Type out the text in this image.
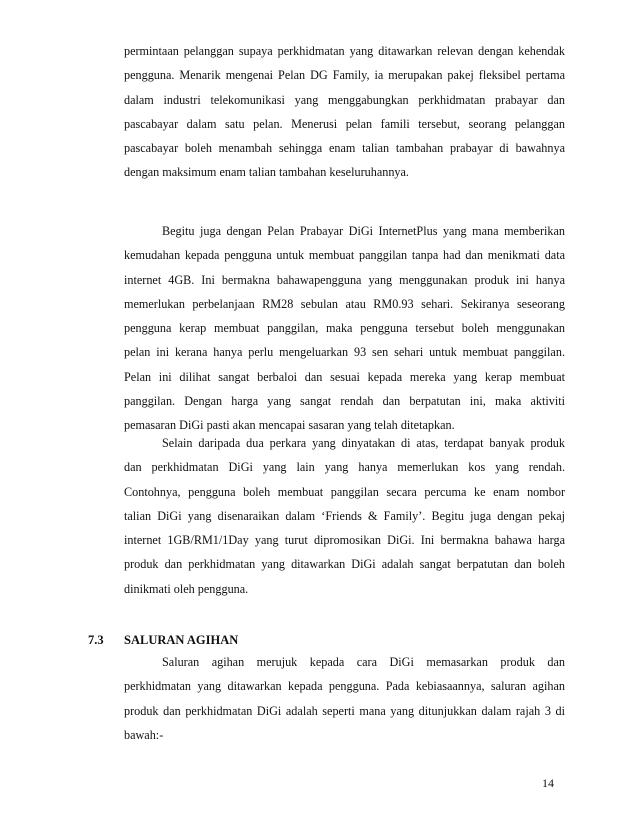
permintaan pelanggan supaya perkhidmatan yang ditawarkan relevan dengan kehendak
pengguna. Menarik mengenai Pelan DG Family, ia merupakan pakej fleksibel pertama
dalam industri telekomunikasi yang menggabungkan perkhidmatan prabayar dan
pascabayar dalam satu pelan. Menerusi pelan famili tersebut, seorang pelanggan
pascabayar boleh menambah sehingga enam talian tambahan prabayar di bawahnya
dengan maksimum enam talian tambahan keseluruhannya.
Begitu juga dengan Pelan Prabayar DiGi InternetPlus yang mana memberikan
kemudahan kepada pengguna untuk membuat panggilan tanpa had dan menikmati data
internet 4GB. Ini bermakna bahawapengguna yang menggunakan produk ini hanya
memerlukan perbelanjaan RM28 sebulan atau RM0.93 sehari. Sekiranya seseorang
pengguna kerap membuat panggilan, maka pengguna tersebut boleh menggunakan
pelan ini kerana hanya perlu mengeluarkan 93 sen sehari untuk membuat panggilan.
Pelan ini dilihat sangat berbaloi dan sesuai kepada mereka yang kerap membuat
panggilan. Dengan harga yang sangat rendah dan berpatutan ini, maka aktiviti
pemasaran DiGi pasti akan mencapai sasaran yang telah ditetapkan.
Selain daripada dua perkara yang dinyatakan di atas, terdapat banyak produk
dan perkhidmatan DiGi yang lain yang hanya memerlukan kos yang rendah.
Contohnya, pengguna boleh membuat panggilan secara percuma ke enam nombor
talian DiGi yang disenaraikan dalam ‘Friends & Family’. Begitu juga dengan pekaj
internet 1GB/RM1/1Day yang turut dipromosikan DiGi. Ini bermakna bahawa harga
produk dan perkhidmatan yang ditawarkan DiGi adalah sangat berpatutan dan boleh
dinikmati oleh pengguna.

7.3 SALURAN AGIHAN

Saluran agihan merujuk kepada cara DiGi memasarkan produk dan
perkhidmatan yang ditawarkan kepada pengguna. Pada kebiasaannya, saluran agihan
produk dan perkhidmatan DiGi adalah seperti mana yang ditunjukkan dalam rajah 3 di
bawah:-
14
